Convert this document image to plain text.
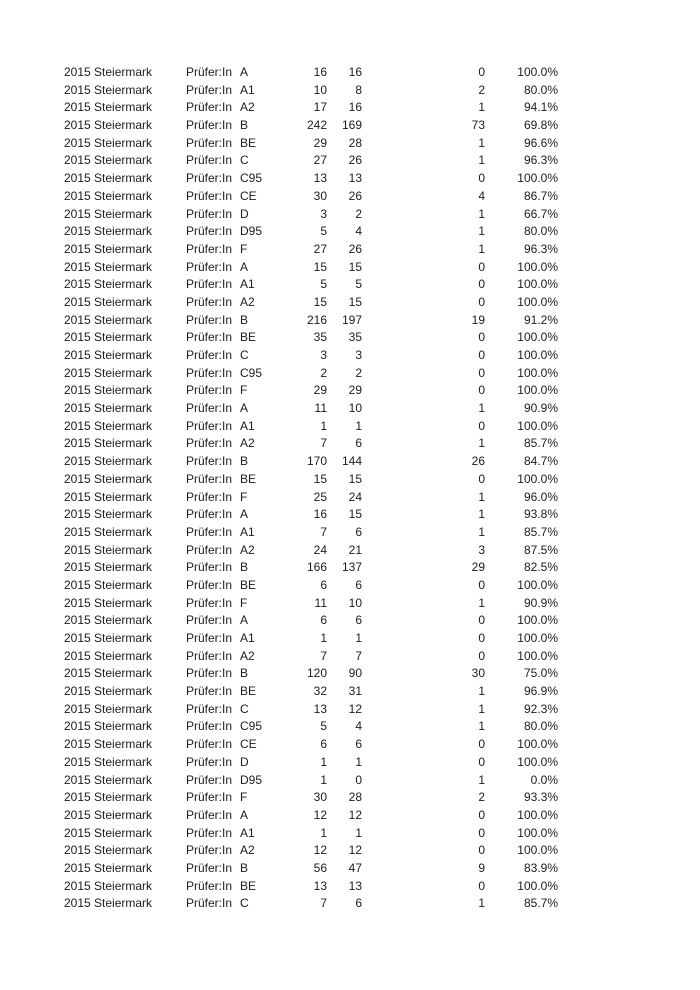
2015 Steiermark	Prüfer:In A	16	16	0	100.0%
2015 Steiermark	Prüfer:In A1	10	8	2	80.0%
2015 Steiermark	Prüfer:In A2	17	16	1	94.1%
2015 Steiermark	Prüfer:In B	242	169	73	69.8%
2015 Steiermark	Prüfer:In BE	29	28	1	96.6%
2015 Steiermark	Prüfer:In C	27	26	1	96.3%
2015 Steiermark	Prüfer:In C95	13	13	0	100.0%
2015 Steiermark	Prüfer:In CE	30	26	4	86.7%
2015 Steiermark	Prüfer:In D	3	2	1	66.7%
2015 Steiermark	Prüfer:In D95	5	4	1	80.0%
2015 Steiermark	Prüfer:In F	27	26	1	96.3%
2015 Steiermark	Prüfer:In A	15	15	0	100.0%
2015 Steiermark	Prüfer:In A1	5	5	0	100.0%
2015 Steiermark	Prüfer:In A2	15	15	0	100.0%
2015 Steiermark	Prüfer:In B	216	197	19	91.2%
2015 Steiermark	Prüfer:In BE	35	35	0	100.0%
2015 Steiermark	Prüfer:In C	3	3	0	100.0%
2015 Steiermark	Prüfer:In C95	2	2	0	100.0%
2015 Steiermark	Prüfer:In F	29	29	0	100.0%
2015 Steiermark	Prüfer:In A	11	10	1	90.9%
2015 Steiermark	Prüfer:In A1	1	1	0	100.0%
2015 Steiermark	Prüfer:In A2	7	6	1	85.7%
2015 Steiermark	Prüfer:In B	170	144	26	84.7%
2015 Steiermark	Prüfer:In BE	15	15	0	100.0%
2015 Steiermark	Prüfer:In F	25	24	1	96.0%
2015 Steiermark	Prüfer:In A	16	15	1	93.8%
2015 Steiermark	Prüfer:In A1	7	6	1	85.7%
2015 Steiermark	Prüfer:In A2	24	21	3	87.5%
2015 Steiermark	Prüfer:In B	166	137	29	82.5%
2015 Steiermark	Prüfer:In BE	6	6	0	100.0%
2015 Steiermark	Prüfer:In F	11	10	1	90.9%
2015 Steiermark	Prüfer:In A	6	6	0	100.0%
2015 Steiermark	Prüfer:In A1	1	1	0	100.0%
2015 Steiermark	Prüfer:In A2	7	7	0	100.0%
2015 Steiermark	Prüfer:In B	120	90	30	75.0%
2015 Steiermark	Prüfer:In BE	32	31	1	96.9%
2015 Steiermark	Prüfer:In C	13	12	1	92.3%
2015 Steiermark	Prüfer:In C95	5	4	1	80.0%
2015 Steiermark	Prüfer:In CE	6	6	0	100.0%
2015 Steiermark	Prüfer:In D	1	1	0	100.0%
2015 Steiermark	Prüfer:In D95	1	0	1	0.0%
2015 Steiermark	Prüfer:In F	30	28	2	93.3%
2015 Steiermark	Prüfer:In A	12	12	0	100.0%
2015 Steiermark	Prüfer:In A1	1	1	0	100.0%
2015 Steiermark	Prüfer:In A2	12	12	0	100.0%
2015 Steiermark	Prüfer:In B	56	47	9	83.9%
2015 Steiermark	Prüfer:In BE	13	13	0	100.0%
2015 Steiermark	Prüfer:In C	7	6	1	85.7%
